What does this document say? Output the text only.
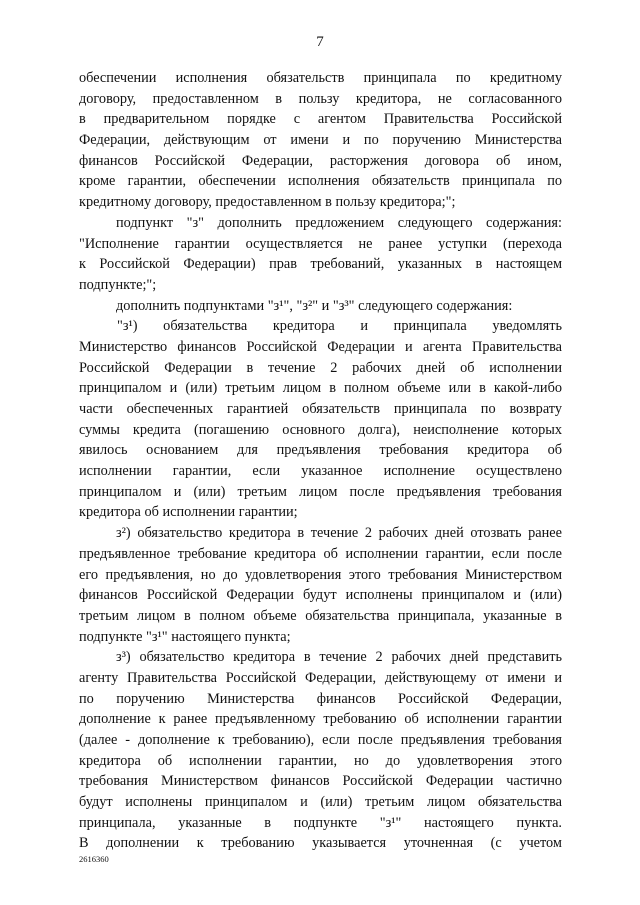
7
обеспечении исполнения обязательств принципала по кредитному
договору, предоставленном в пользу кредитора, не согласованного
в предварительном порядке с агентом Правительства Российской
Федерации, действующим от имени и по поручению Министерства
финансов Российской Федерации, расторжения договора об ином,
кроме гарантии, обеспечении исполнения обязательств принципала по
кредитному договору, предоставленном в пользу кредитора;";
подпункт "з" дополнить предложением следующего содержания:
"Исполнение гарантии осуществляется не ранее уступки (перехода
к Российской Федерации) прав требований, указанных в настоящем
подпункте;";
дополнить подпунктами "з¹", "з²" и "з³" следующего содержания:
"з¹) обязательства кредитора и принципала уведомлять
Министерство финансов Российской Федерации и агента Правительства
Российской Федерации в течение 2 рабочих дней об исполнении
принципалом и (или) третьим лицом в полном объеме или в какой-либо
части обеспеченных гарантией обязательств принципала по возврату
суммы кредита (погашению основного долга), неисполнение которых
явилось основанием для предъявления требования кредитора об
исполнении гарантии, если указанное исполнение осуществлено
принципалом и (или) третьим лицом после предъявления требования
кредитора об исполнении гарантии;
з²) обязательство кредитора в течение 2 рабочих дней отозвать ранее
предъявленное требование кредитора об исполнении гарантии, если после
его предъявления, но до удовлетворения этого требования Министерством
финансов Российской Федерации будут исполнены принципалом и (или)
третьим лицом в полном объеме обязательства принципала, указанные в
подпункте "з¹" настоящего пункта;
з³) обязательство кредитора в течение 2 рабочих дней представить
агенту Правительства Российской Федерации, действующему от имени и
по поручению Министерства финансов Российской Федерации,
дополнение к ранее предъявленному требованию об исполнении гарантии
(далее - дополнение к требованию), если после предъявления требования
кредитора об исполнении гарантии, но до удовлетворения этого
требования Министерством финансов Российской Федерации частично
будут исполнены принципалом и (или) третьим лицом обязательства
принципала, указанные в подпункте "з¹" настоящего пункта.
В дополнении к требованию указывается уточненная (с учетом
2616360
